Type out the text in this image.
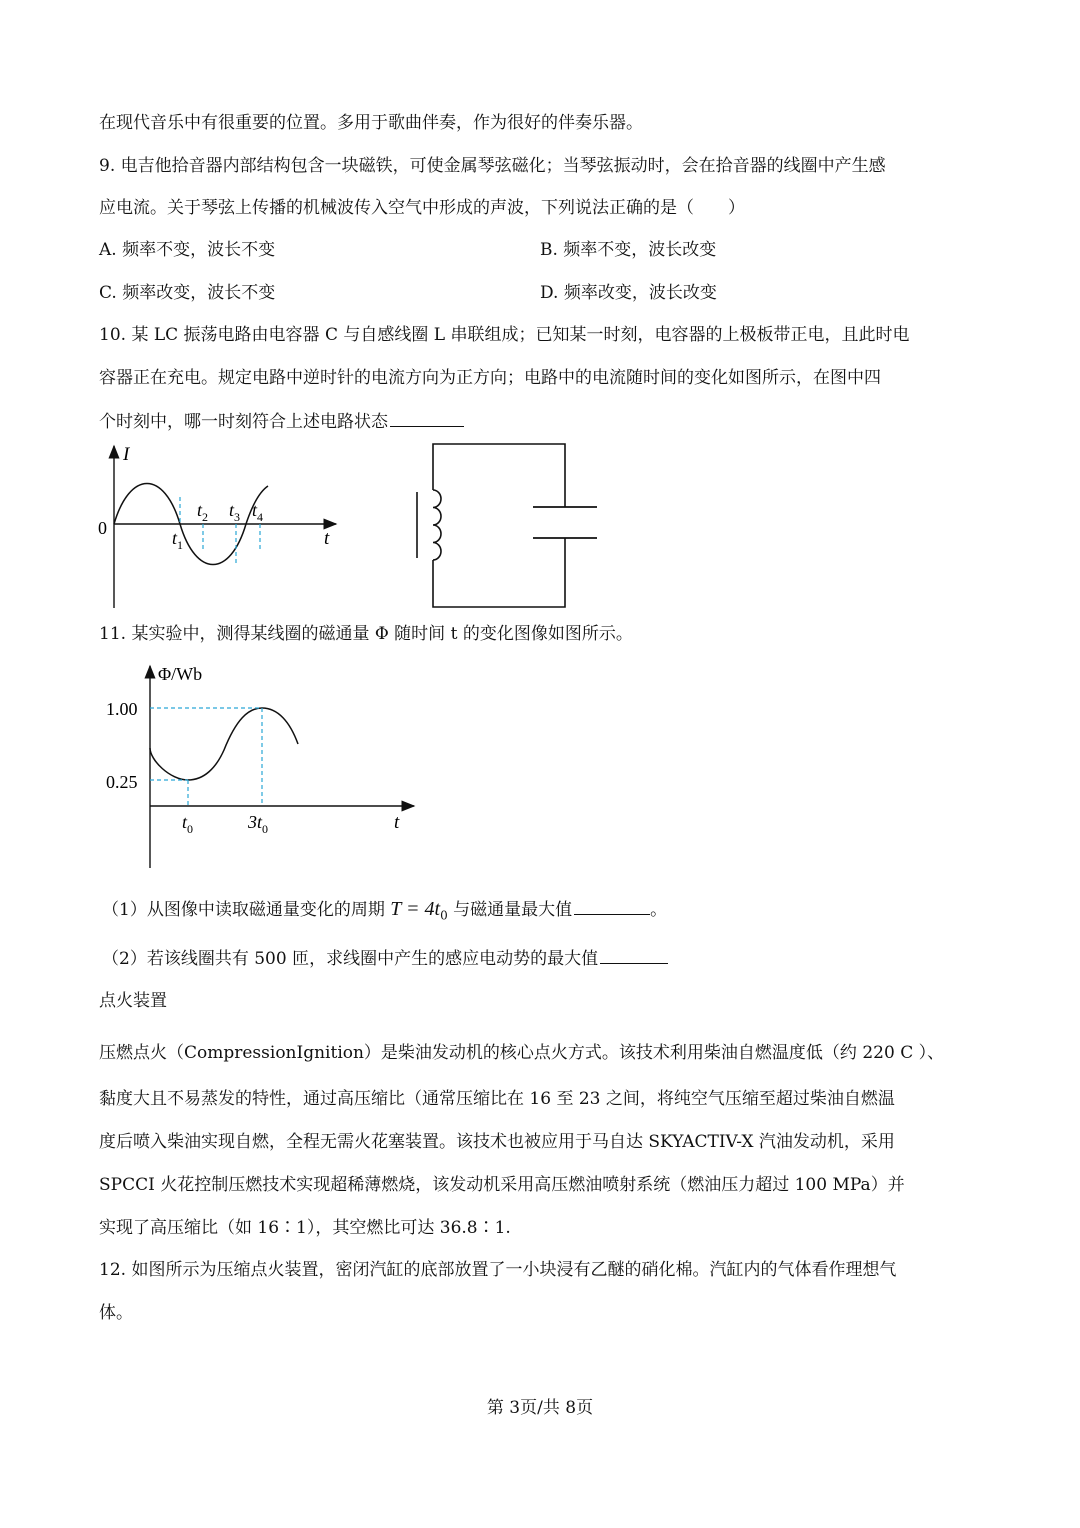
在现代音乐中有很重要的位置。多用于歌曲伴奏，作为很好的伴奏乐器。
9. 电吉他拾音器内部结构包含一块磁铁，可使金属琴弦磁化；当琴弦振动时，会在拾音器的线圈中产生感
应电流。关于琴弦上传播的机械波传入空气中形成的声波，下列说法正确的是（　　）
A. 频率不变，波长不变	B. 频率不变，波长改变
C. 频率改变，波长不变	D. 频率改变，波长改变
10. 某 LC 振荡电路由电容器 C 与自感线圈 L 串联组成；已知某一时刻，电容器的上极板带正电，且此时电
容器正在充电。规定电路中逆时针的电流方向为正方向；电路中的电流随时间的变化如图所示，在图中四
个时刻中，哪一时刻符合上述电路状态
I
t
0	$t_1$
$t_2$ $t_3$ $t_4$
11. 某实验中，测得某线圈的磁通量 Φ 随时间 t 的变化图像如图所示。
Φ/Wb
t
1.00
0.25
$t_0$	$3t_0$
（1）从图像中读取磁通量变化的周期 $T = 4t_0$ 与磁通量最大值	。
（2）若该线圈共有 500 匝，求线圈中产生的感应电动势的最大值
点火装置
压燃点火（CompressionIgnition）是柴油发动机的核心点火方式。该技术利用柴油自燃温度低（约 220 C ）、
黏度大且不易蒸发的特性，通过高压缩比（通常压缩比在 16 至 23 之间，将纯空气压缩至超过柴油自燃温
度后喷入柴油实现自燃，全程无需火花塞装置。该技术也被应用于马自达 SKYACTIV-X 汽油发动机，采用
SPCCI 火花控制压燃技术实现超稀薄燃烧，该发动机采用高压燃油喷射系统（燃油压力超过 100 MPa）并
实现了高压缩比（如 16∶1），其空燃比可达 36.8∶1.
12. 如图所示为压缩点火装置，密闭汽缸的底部放置了一小块浸有乙醚的硝化棉。汽缸内的气体看作理想气
体。
第 3页/共 8页
